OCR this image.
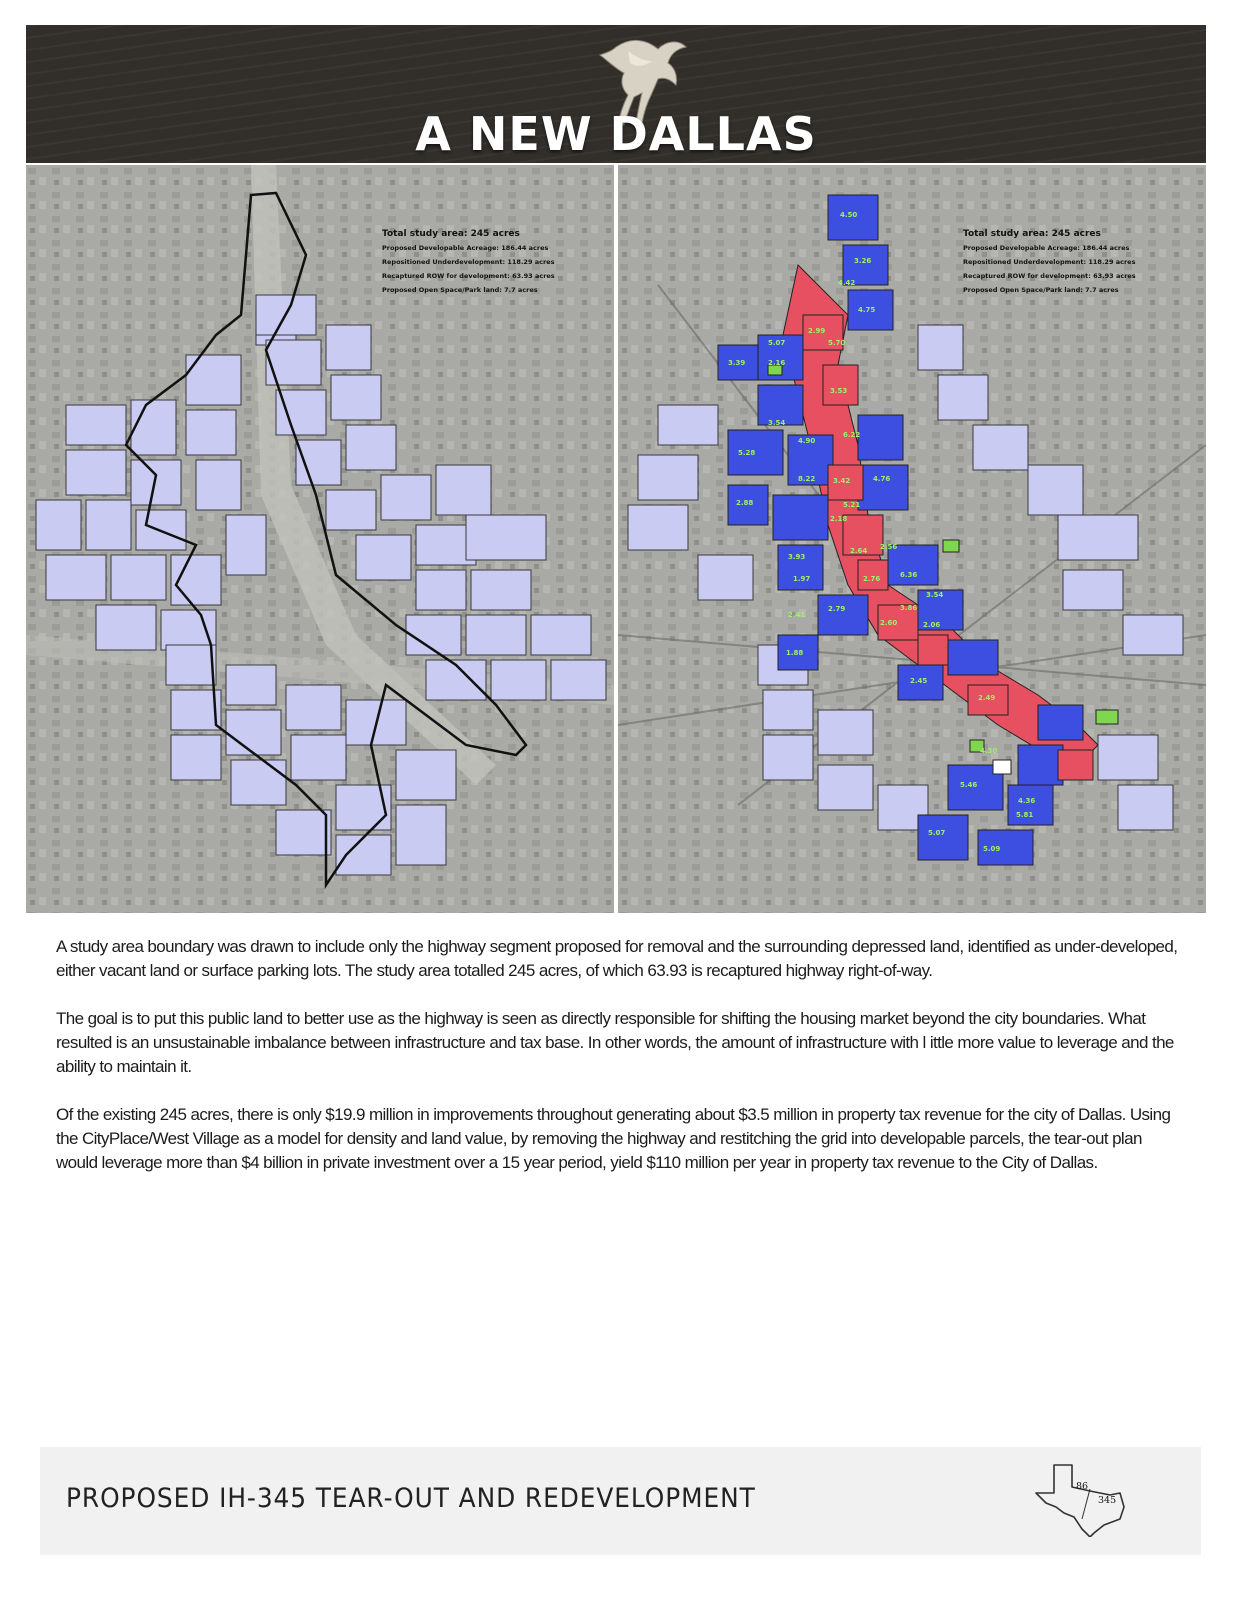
A NEW DALLAS
Total study area: 245 acres
Proposed Developable Acreage: 186.44 acres
Repositioned Underdevelopment: 118.29 acres
Recaptured ROW for development: 63.93 acres
Proposed Open Space/Park land: 7.7 acres
4.50
3.26
4.42
4.75
5.07
2.16
3.39
2.99
5.70
3.53
3.54
4.90
6.22
5.28
8.22	3.42	4.76
2.88
2.18
5.21
2.64 2.56
3.93
1.97	2.76
3.86
6.36
3.54
2.41
2.79
2.60	2.06
2.49
1.88
2.45
4.30
5.46
4.36
5.07
5.81
5.09
Total study area: 245 acres
Proposed Developable Acreage: 186.44 acres
Repositioned Underdevelopment: 118.29 acres
Recaptured ROW for development: 63.93 acres
Proposed Open Space/Park land: 7.7 acres

A study area boundary was drawn to include only the highway segment proposed for removal and the surrounding depressed land, identified as under-developed, either vacant land or surface parking lots. The study area totalled 245 acres, of which 63.93 is recaptured highway right-of-way.

The goal is to put this public land to better use as the highway is seen as directly responsible for shifting the housing market beyond the city boundaries. What resulted is an unsustainable imbalance between infrastructure and tax base. In other words, the amount of infrastructure with l ittle more value to leverage and the ability to maintain it.

Of the existing 245 acres, there is only $19.9 million in improvements throughout generating about $3.5 million in property tax revenue for the city of Dallas. Using the CityPlace/West Village as a model for density and land value, by removing the highway and restitching the grid into developable parcels, the tear-out plan would leverage more than $4 billion in private investment over a 15 year period, yield $110 million per year in property tax revenue to the City of Dallas.

PROPOSED IH-345 TEAR-OUT AND REDEVELOPMENT	86
345
